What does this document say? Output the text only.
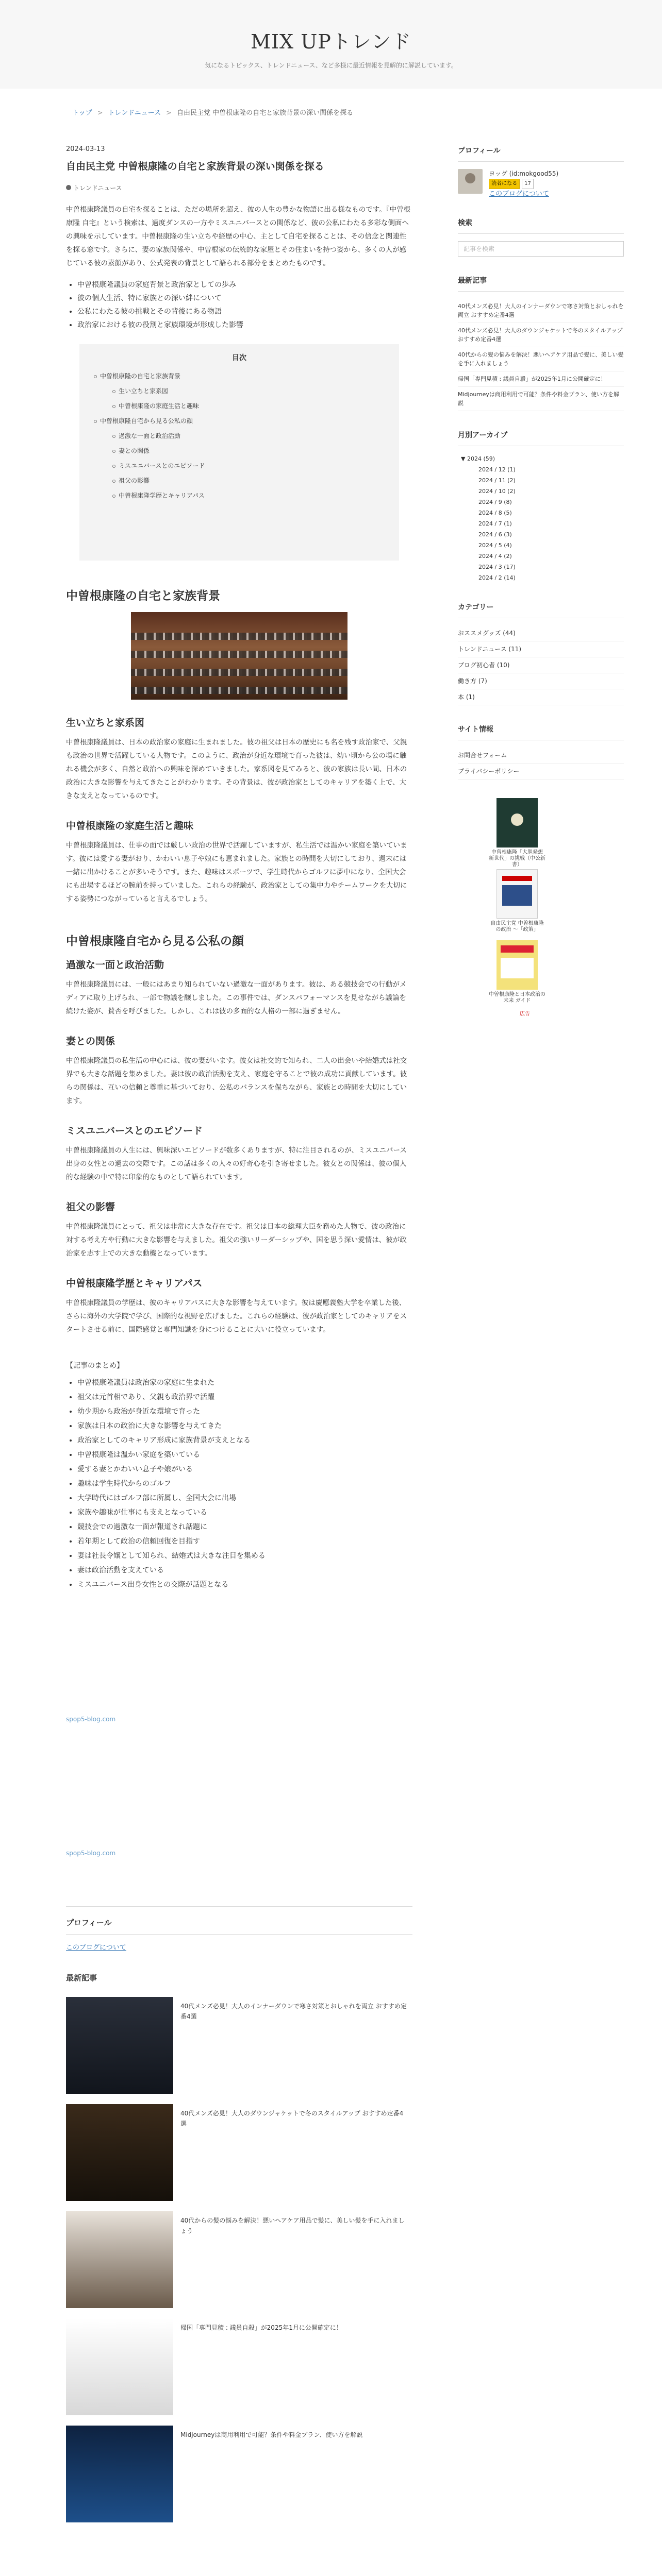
MIX UPトレンド
気になるトピックス、トレンドニュース、など多様に最近情報を見解的に解説しています。
トップ > トレンドニュース > 自由民主党 中曽根康隆の自宅と家族背景の深い関係を探る
2024-03-13
自由民主党 中曽根康隆の自宅と家族背景の深い関係を探る
トレンドニュース

中曽根康隆議員の自宅を探ることは、ただの場所を超え、彼の人生の豊かな物語に出る様なものです。『中曽根康隆 自宅』という検索は、過度ダンスの一方やミスユニバースとの関係など、彼の公私にわたる多彩な側面への興味を示しています。中曽根康隆の生い立ちや経歴の中心、主として自宅を探ることは、その信念と関連性を探る窓です。さらに、妻の家族関係や、中曽根家の伝統的な家屋とその住まいを持つ姿から、多くの人が感じている彼の素顔があり、公式発表の背景として語られる部分をまとめたものです。

• 中曽根康隆議員の家庭背景と政治家としての歩み
• 彼の個人生活、特に家族との深い絆について
• 公私にわたる彼の挑戦とその背後にある物語
• 政治家における彼の役割と家族環境が形成した影響
目次
中曽根康隆の自宅と家族背景
生い立ちと家系図
中曽根康隆の家庭生活と趣味
中曽根康隆自宅から見る公私の顔
過激な一面と政治活動
妻との関係
ミスユニバースとのエピソード
祖父の影響
中曽根康隆学歴とキャリアパス
中曽根康隆の自宅と家族背景
生い立ちと家系図

中曽根康隆議員は、日本の政治家の家庭に生まれました。彼の祖父は日本の歴史にも名を残す政治家で、父親も政治の世界で活躍している人物です。このように、政治が身近な環境で育った彼は、幼い頃から公の場に触れる機会が多く、自然と政治への興味を深めていきました。家系図を見てみると、彼の家族は長い間、日本の政治に大きな影響を与えてきたことがわかります。その背景は、彼が政治家としてのキャリアを築く上で、大きな支えとなっているのです。

中曽根康隆の家庭生活と趣味

中曽根康隆議員は、仕事の面では厳しい政治の世界で活躍していますが、私生活では温かい家庭を築いています。彼には愛する妻がおり、かわいい息子や娘にも恵まれました。家族との時間を大切にしており、週末には一緒に出かけることが多いそうです。また、趣味はスポーツで、学生時代からゴルフに夢中になり、全国大会にも出場するほどの腕前を持っていました。これらの経験が、政治家としての集中力やチームワークを大切にする姿勢につながっていると言えるでしょう。

中曽根康隆自宅から見る公私の顔
過激な一面と政治活動

中曽根康隆議員には、一般にはあまり知られていない過激な一面があります。彼は、ある競技会での行動がメディアに取り上げられ、一部で物議を醸しました。この事件では、ダンスパフォーマンスを見せながら議論を続けた姿が、賛否を呼びました。しかし、これは彼の多面的な人格の一部に過ぎません。

妻との関係

中曽根康隆議員の私生活の中心には、彼の妻がいます。彼女は社交的で知られ、二人の出会いや結婚式は社交界でも大きな話題を集めました。妻は彼の政治活動を支え、家庭を守ることで彼の成功に貢献しています。彼らの関係は、互いの信頼と尊重に基づいており、公私のバランスを保ちながら、家族との時間を大切にしています。

ミスユニバースとのエピソード

中曽根康隆議員の人生には、興味深いエピソードが数多くありますが、特に注目されるのが、ミスユニバース出身の女性との過去の交際です。この話は多くの人々の好奇心を引き寄せました。彼女との関係は、彼の個人的な経験の中で特に印象的なものとして語られています。

祖父の影響

中曽根康隆議員にとって、祖父は非常に大きな存在です。祖父は日本の総理大臣を務めた人物で、彼の政治に対する考え方や行動に大きな影響を与えました。祖父の強いリーダーシップや、国を思う深い愛情は、彼が政治家を志す上での大きな動機となっています。

中曽根康隆学歴とキャリアパス

中曽根康隆議員の学歴は、彼のキャリアパスに大きな影響を与えています。彼は慶應義塾大学を卒業した後、さらに海外の大学院で学び、国際的な視野を広げました。これらの経験は、彼が政治家としてのキャリアをスタートさせる前に、国際感覚と専門知識を身につけることに大いに役立っています。

【記事のまとめ】
• 中曽根康隆議員は政治家の家庭に生まれた
• 祖父は元首相であり、父親も政治界で活躍
• 幼少期から政治が身近な環境で育った
• 家族は日本の政治に大きな影響を与えてきた
• 政治家としてのキャリア形成に家族背景が支えとなる
• 中曽根康隆は温かい家庭を築いている
• 愛する妻とかわいい息子や娘がいる
• 趣味は学生時代からのゴルフ
• 大学時代にはゴルフ部に所属し、全国大会に出場
• 家族や趣味が仕事にも支えとなっている
• 競技会での過激な一面が報道され話題に
• 若年期として政治の信頼回復を目指す
• 妻は社長令嬢として知られ、結婚式は大きな注目を集める
• 妻は政治活動を支えている
• ミスユニバース出身女性との交際が話題となる
spop5-blog.com
spop5-blog.com
プロフィール
このブログについて
最新記事
40代メンズ必見！大人のインナーダウンで寒さ対策とおしゃれを両立 おすすめ定番4選
40代メンズ必見！大人のダウンジャケットで冬のスタイルアップ おすすめ定番4選
40代からの髪の悩みを解決！悪いヘアケア用品で髪に、美しい髪を手に入れましょう
帰国「専門見積 : 議員自殺」が2025年1月に公開確定に！
Midjourneyは商用利用で可能？条件や料金プラン、使い方を解説
プロフィール

ヨッグ (id:mokgood55)
読者になる 17
このブログについて
検索
記事を検索
最新記事
40代メンズ必見！大人のインナーダウンで寒さ対策とおしゃれを両立 おすすめ定番4選
40代メンズ必見！大人のダウンジャケットで冬のスタイルアップ おすすめ定番4選
40代からの髪の悩みを解決！悪いヘアケア用品で髪に、美しい髪を手に入れましょう
帰国「専門見積 : 議員自殺」が2025年1月に公開確定に！
Midjourneyは商用利用で可能？条件や料金プラン、使い方を解説
月別アーカイブ
▼ 2024 (59)
2024 / 12 (1)
2024 / 11 (2)
2024 / 10 (2)
2024 / 9 (8)
2024 / 8 (5)
2024 / 7 (1)
2024 / 6 (3)
2024 / 5 (4)
2024 / 4 (2)
2024 / 3 (17)
2024 / 2 (14)
カテゴリー
おススメグッズ (44)
トレンドニュース (11)
ブログ初心者 (10)
働き方 (7)
本 (1)
サイト情報
お問合せフォーム
プライバシーポリシー
中曽根康隆「大胆発想 新世代」の挑戦（中公新書）
自由民主党 中曽根康隆の政治 〜「政策」
中曽根康隆と日本政治の未来 ガイド
広告
